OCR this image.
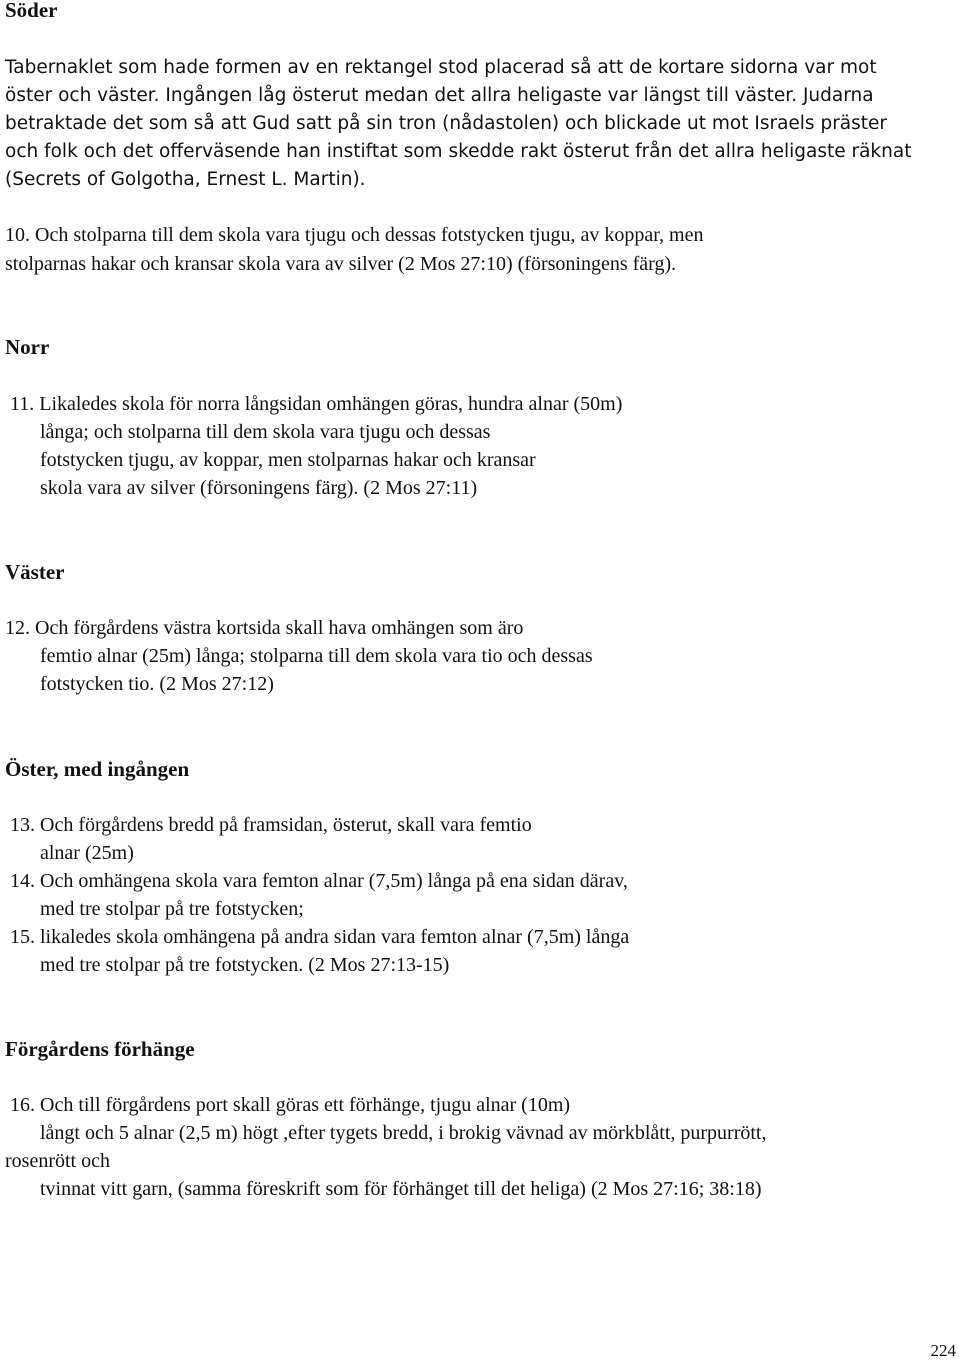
Söder
Tabernaklet som hade formen av en rektangel stod placerad så att de kortare sidorna var mot
öster och väster. Ingången låg österut medan det allra heligaste var längst till väster. Judarna
betraktade det som så att Gud satt på sin tron (nådastolen) och blickade ut mot Israels präster
och folk och det offerväsende han instiftat som skedde rakt österut från det allra heligaste räknat
(Secrets of Golgotha, Ernest L. Martin).
10. Och stolparna till dem skola vara tjugu och dessas fotstycken tjugu, av koppar, men
stolparnas hakar och kransar skola vara av silver (2 Mos 27:10) (försoningens färg).
Norr
11. Likaledes skola för norra långsidan omhängen göras, hundra alnar (50m)
långa; och stolparna till dem skola vara tjugu och dessas
fotstycken tjugu, av koppar, men stolparnas hakar och kransar
skola vara av silver (försoningens färg). (2 Mos 27:11)
Väster
12. Och förgårdens västra kortsida skall hava omhängen som äro
femtio alnar (25m) långa; stolparna till dem skola vara tio och dessas
fotstycken tio. (2 Mos 27:12)
Öster, med ingången
13. Och förgårdens bredd på framsidan, österut, skall vara femtio
alnar (25m)
14. Och omhängena skola vara femton alnar (7,5m) långa på ena sidan därav,
med tre stolpar på tre fotstycken;
15. likaledes skola omhängena på andra sidan vara femton alnar (7,5m) långa
med tre stolpar på tre fotstycken. (2 Mos 27:13-15)
Förgårdens förhänge
16. Och till förgårdens port skall göras ett förhänge, tjugu alnar (10m)
långt och 5 alnar (2,5 m) högt ,efter tygets bredd, i brokig vävnad av mörkblått, purpurrött,
rosenrött och
tvinnat vitt garn, (samma föreskrift som för förhänget till det heliga) (2 Mos 27:16; 38:18)
224
